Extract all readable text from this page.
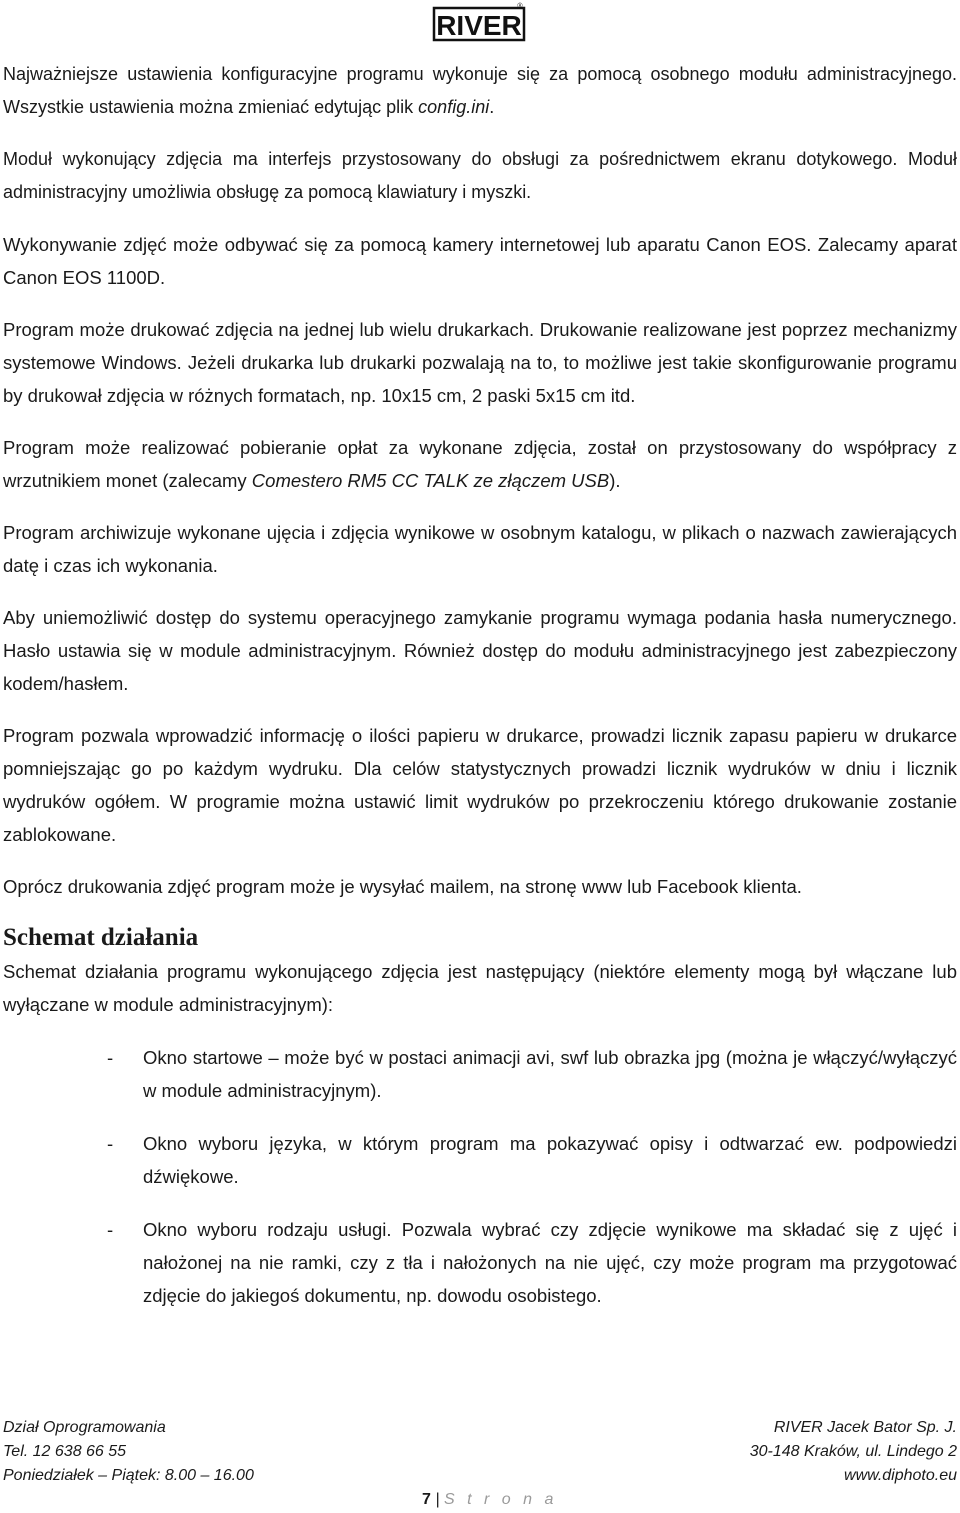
RIVER
®

Najważniejsze ustawienia konfiguracyjne programu wykonuje się za pomocą osobnego modułu administracyjnego. Wszystkie ustawienia można zmieniać edytując plik config.ini.

Moduł wykonujący zdjęcia ma interfejs przystosowany do obsługi za pośrednictwem ekranu dotykowego. Moduł administracyjny umożliwia obsługę za pomocą klawiatury i myszki.

Wykonywanie zdjęć może odbywać się za pomocą kamery internetowej lub aparatu Canon EOS. Zalecamy aparat Canon EOS 1100D.

Program może drukować zdjęcia na jednej lub wielu drukarkach. Drukowanie realizowane jest poprzez mechanizmy systemowe Windows. Jeżeli drukarka lub drukarki pozwalają na to, to możliwe jest takie skonfigurowanie programu by drukował zdjęcia w różnych formatach, np. 10x15 cm, 2 paski 5x15 cm itd.

Program może realizować pobieranie opłat za wykonane zdjęcia, został on przystosowany do współpracy z wrzutnikiem monet (zalecamy Comestero RM5 CC TALK ze złączem USB).

Program archiwizuje wykonane ujęcia i zdjęcia wynikowe w osobnym katalogu, w plikach o nazwach zawierających datę i czas ich wykonania.

Aby uniemożliwić dostęp do systemu operacyjnego zamykanie programu wymaga podania hasła numerycznego. Hasło ustawia się w module administracyjnym. Również dostęp do modułu administracyjnego jest zabezpieczony kodem/hasłem.

Program pozwala wprowadzić informację o ilości papieru w drukarce, prowadzi licznik zapasu papieru w drukarce pomniejszając go po każdym wydruku. Dla celów statystycznych prowadzi licznik wydruków w dniu i licznik wydruków ogółem. W programie można ustawić limit wydruków po przekroczeniu którego drukowanie zostanie zablokowane.

Oprócz drukowania zdjęć program może je wysyłać mailem, na stronę www lub Facebook klienta.

Schemat działania

Schemat działania programu wykonującego zdjęcia jest następujący (niektóre elementy mogą był włączane lub wyłączane w module administracyjnym):

- Okno startowe – może być w postaci animacji avi, swf lub obrazka jpg (można je włączyć/wyłączyć w module administracyjnym).
- Okno wyboru języka, w którym program ma pokazywać opisy i odtwarzać ew. podpowiedzi dźwiękowe.
- Okno wyboru rodzaju usługi. Pozwala wybrać czy zdjęcie wynikowe ma składać się z ujęć i nałożonej na nie ramki, czy z tła i nałożonych na nie ujęć, czy może program ma przygotować zdjęcie do jakiegoś dokumentu, np. dowodu osobistego.
Dział Oprogramowania
Tel. 12 638 66 55
Poniedziałek – Piątek: 8.00 – 16.00
RIVER Jacek Bator Sp. J.
30-148 Kraków, ul. Lindego 2
www.diphoto.eu
7 | S t r o n a
